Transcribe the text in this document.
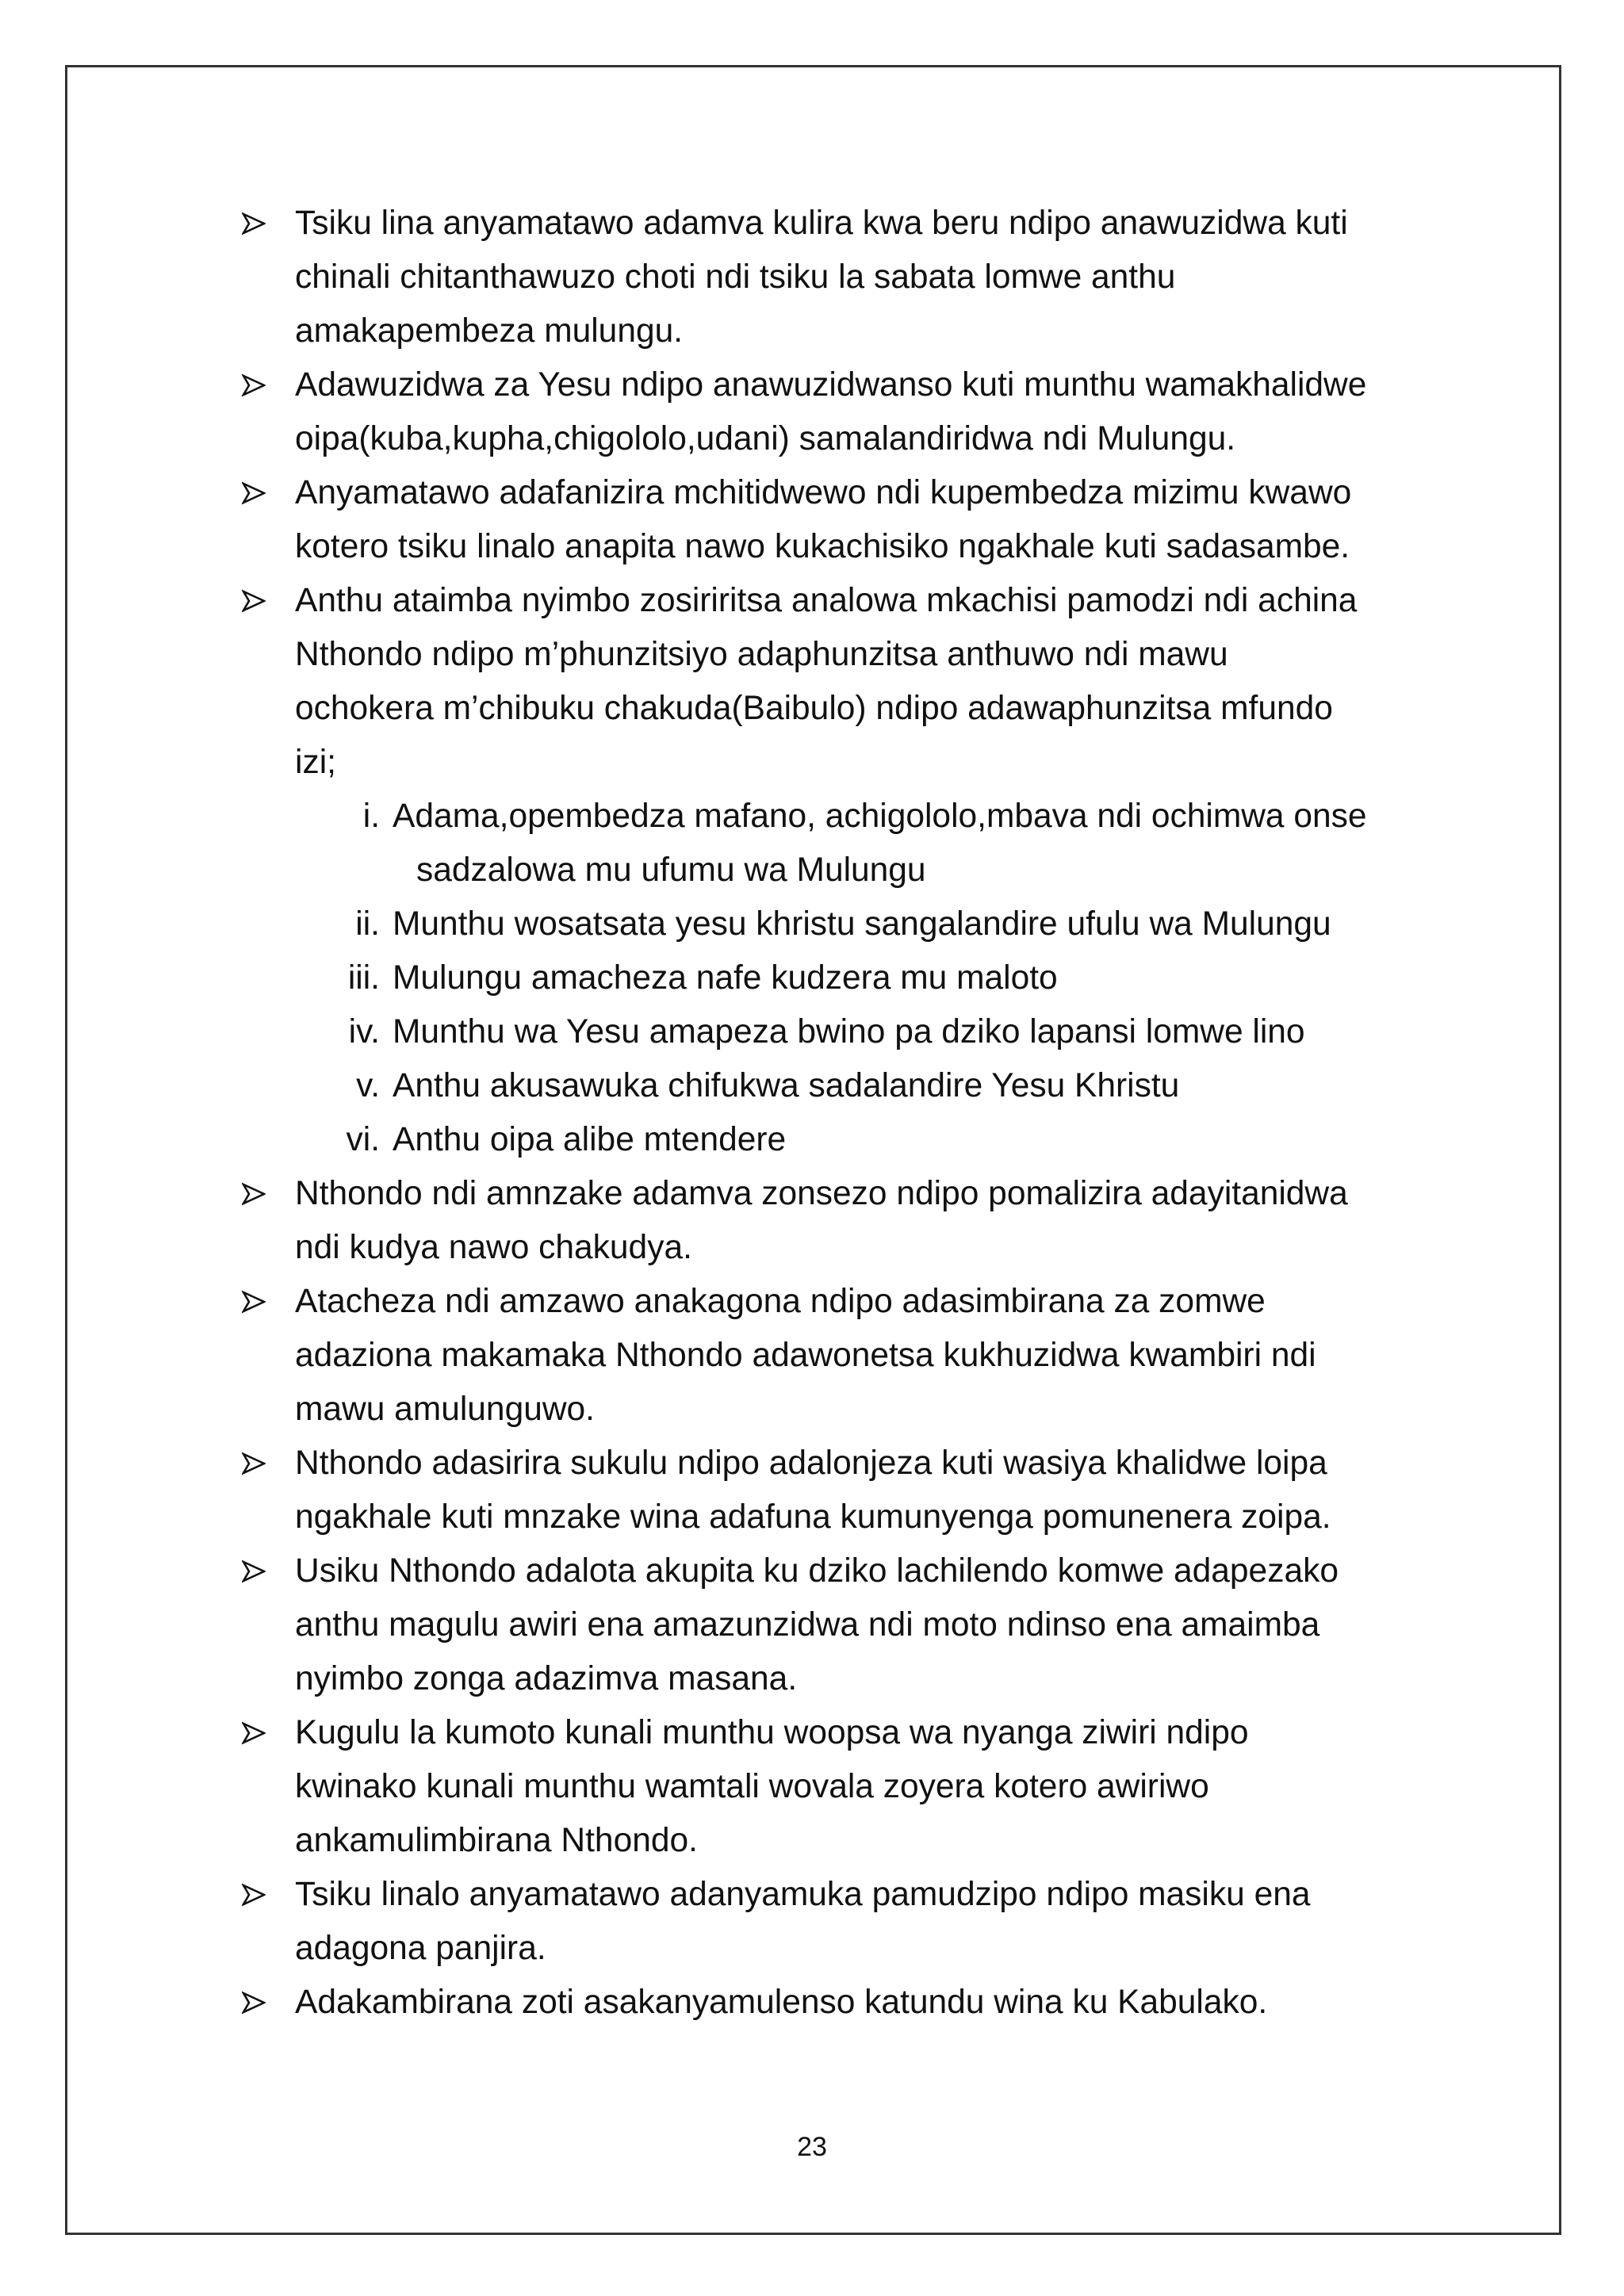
Tsiku lina anyamatawo adamva kulira kwa beru ndipo anawuzidwa kuti
chinali chitanthawuzo choti ndi tsiku la sabata lomwe anthu
amakapembeza mulungu.
Adawuzidwa za Yesu ndipo anawuzidwanso kuti munthu wamakhalidwe
oipa(kuba,kupha,chigololo,udani) samalandiridwa ndi Mulungu.
Anyamatawo adafanizira mchitidwewo ndi kupembedza mizimu kwawo
kotero tsiku linalo anapita nawo kukachisiko ngakhale kuti sadasambe.
Anthu ataimba nyimbo zosiriritsa analowa mkachisi pamodzi ndi achina
Nthondo ndipo m’phunzitsiyo adaphunzitsa anthuwo ndi mawu
ochokera m’chibuku chakuda(Baibulo) ndipo adawaphunzitsa mfundo
izi;
i. Adama,opembedza mafano, achigololo,mbava ndi ochimwa onse
sadzalowa mu ufumu wa Mulungu
ii. Munthu wosatsata yesu khristu sangalandire ufulu wa Mulungu
iii. Mulungu amacheza nafe kudzera mu maloto
iv. Munthu wa Yesu amapeza bwino pa dziko lapansi lomwe lino
v. Anthu akusawuka chifukwa sadalandire Yesu Khristu
vi. Anthu oipa alibe mtendere
Nthondo ndi amnzake adamva zonsezo ndipo pomalizira adayitanidwa
ndi kudya nawo chakudya.
Atacheza ndi amzawo anakagona ndipo adasimbirana za zomwe
adaziona makamaka Nthondo adawonetsa kukhuzidwa kwambiri ndi
mawu amulunguwo.
Nthondo adasirira sukulu ndipo adalonjeza kuti wasiya khalidwe loipa
ngakhale kuti mnzake wina adafuna kumunyenga pomunenera zoipa.
Usiku Nthondo adalota akupita ku dziko lachilendo komwe adapezako
anthu magulu awiri ena amazunzidwa ndi moto ndinso ena amaimba
nyimbo zonga adazimva masana.
Kugulu la kumoto kunali munthu woopsa wa nyanga ziwiri ndipo
kwinako kunali munthu wamtali wovala zoyera kotero awiriwo
ankamulimbirana Nthondo.
Tsiku linalo anyamatawo adanyamuka pamudzipo ndipo masiku ena
adagona panjira.
Adakambirana zoti asakanyamulenso katundu wina ku Kabulako.
23
